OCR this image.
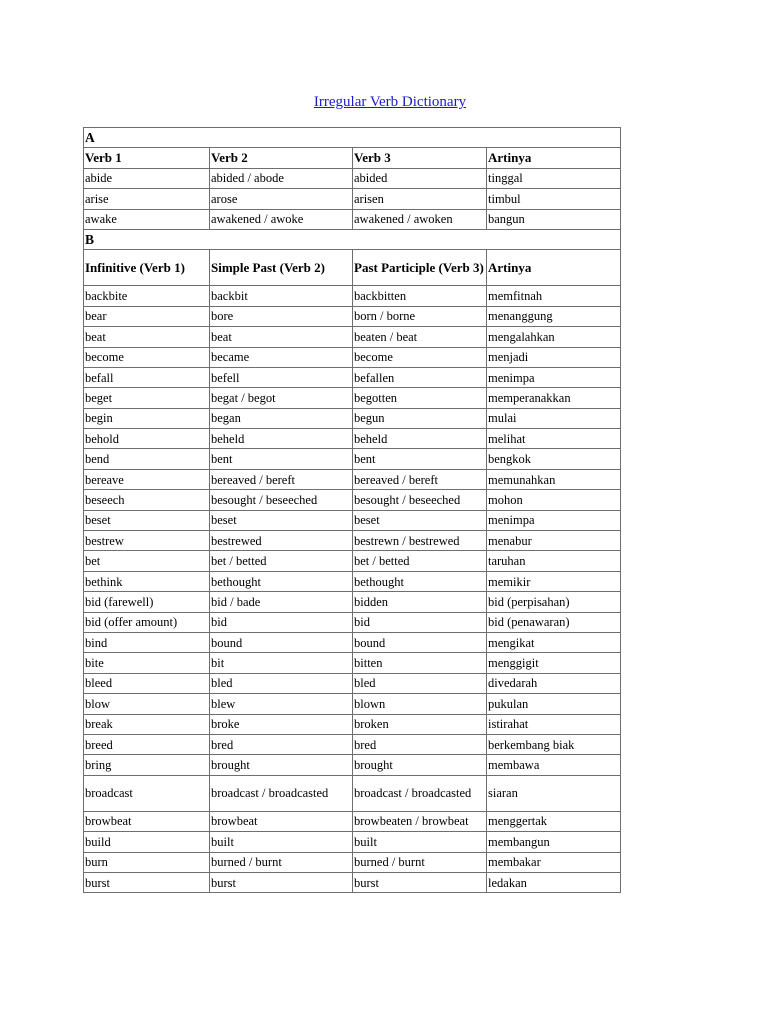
Irregular Verb Dictionary
A			
Verb 1	Verb 2	Verb 3	Artinya
abide	abided / abode	abided	tinggal
arise	arose	arisen	timbul
awake	awakened / awoke	awakened / awoken	bangun
B			
Infinitive (Verb 1)	Simple Past (Verb 2)	Past Participle (Verb 3)	Artinya
backbite	backbit	backbitten	memfitnah
bear	bore	born / borne	menanggung
beat	beat	beaten / beat	mengalahkan
become	became	become	menjadi
befall	befell	befallen	menimpa
beget	begat / begot	begotten	memperanakkan
begin	began	begun	mulai
behold	beheld	beheld	melihat
bend	bent	bent	bengkok
bereave	bereaved / bereft	bereaved / bereft	memunahkan
beseech	besought / beseeched	besought / beseeched	mohon
beset	beset	beset	menimpa
bestrew	bestrewed	bestrewn / bestrewed	menabur
bet	bet / betted	bet / betted	taruhan
bethink	bethought	bethought	memikir
bid (farewell)	bid / bade	bidden	bid (perpisahan)
bid (offer amount)	bid	bid	bid (penawaran)
bind	bound	bound	mengikat
bite	bit	bitten	menggigit
bleed	bled	bled	divedarah
blow	blew	blown	pukulan
break	broke	broken	istirahat
breed	bred	bred	berkembang biak
bring	brought	brought	membawa
broadcast	broadcast / broadcasted	broadcast / broadcasted	siaran
browbeat	browbeat	browbeaten / browbeat	menggertak
build	built	built	membangun
burn	burned / burnt	burned / burnt	membakar
burst	burst	burst	ledakan
